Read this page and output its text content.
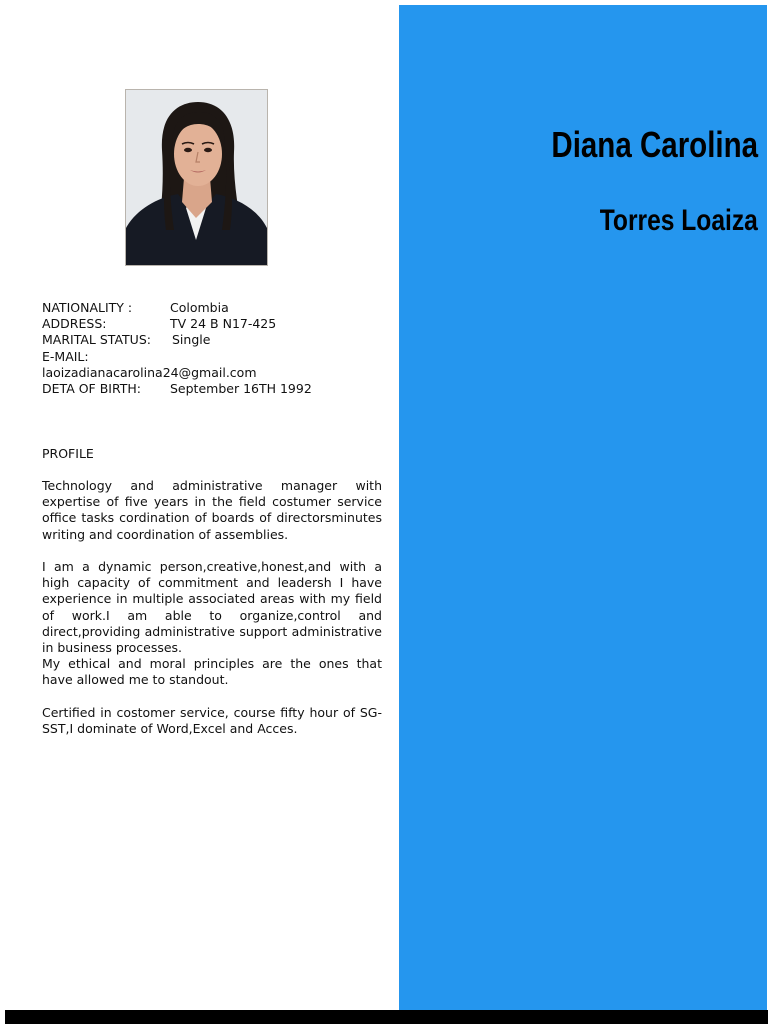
Diana Carolina
Torres Loaiza
NATIONALITY :	Colombia
ADDRESS:	TV 24 B N17-425
MARITAL STATUS: Single
E-MAIL:
laoizadianacarolina24@gmail.com
DETA OF BIRTH: September 16TH 1992
PROFILE
Technology and administrative manager with expertise of five years in the field costumer service office tasks cordination of boards of directorsminutes writing and coordination of assemblies.
I am a dynamic person,creative,honest,and with a high capacity of commitment and leadersh I have experience in multiple associated areas with my field of work.I am able to organize,control and direct,providing administrative support administrative in business processes.
My ethical and moral principles are the ones that have allowed me to standout.
Certified in costomer service, course fifty hour of SG-SST,I dominate of Word,Excel and Acces.
